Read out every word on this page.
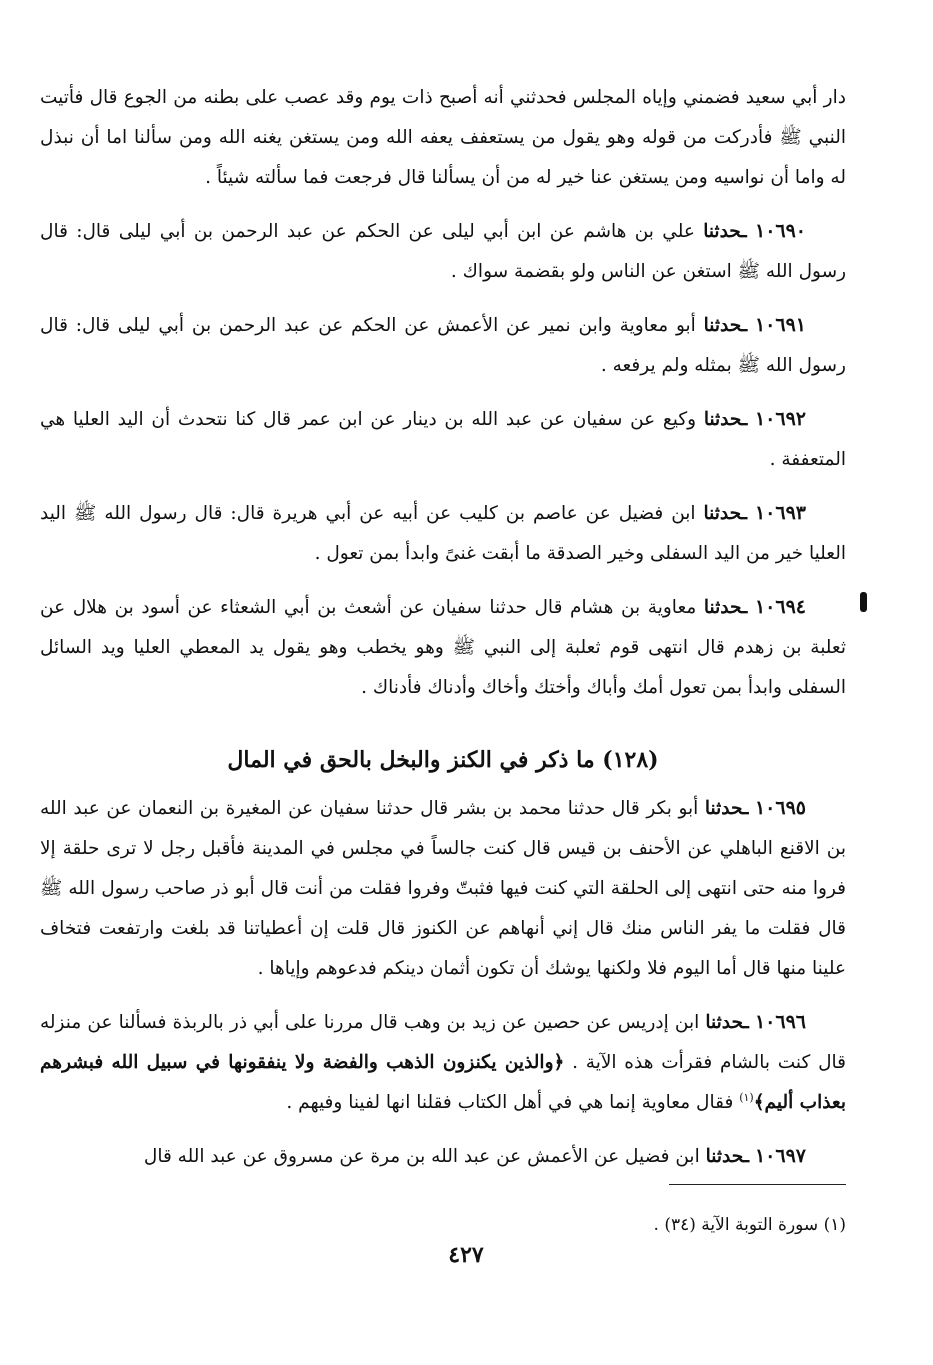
دار أبي سعيد فضمني وإياه المجلس فحدثني أنه أصبح ذات يوم وقد عصب على بطنه من الجوع قال فأتيت النبي ﷺ فأدركت من قوله وهو يقول من يستعفف يعفه الله ومن يستغن يغنه الله ومن سألنا اما أن نبذل له واما أن نواسيه ومن يستغن عنا خير له من أن يسألنا قال فرجعت فما سألته شيئاً .

١٠٦٩٠ ـحدثنا علي بن هاشم عن ابن أبي ليلى عن الحكم عن عبد الرحمن بن أبي ليلى قال: قال رسول الله ﷺ استغن عن الناس ولو بقضمة سواك .

١٠٦٩١ ـحدثنا أبو معاوية وابن نمير عن الأعمش عن الحكم عن عبد الرحمن بن أبي ليلى قال: قال رسول الله ﷺ بمثله ولم يرفعه .

١٠٦٩٢ ـحدثنا وكيع عن سفيان عن عبد الله بن دينار عن ابن عمر قال كنا نتحدث أن اليد العليا هي المتعففة .

١٠٦٩٣ ـحدثنا ابن فضيل عن عاصم بن كليب عن أبيه عن أبي هريرة قال: قال رسول الله ﷺ اليد العليا خير من اليد السفلى وخير الصدقة ما أبقت غنىً وابدأ بمن تعول .

١٠٦٩٤ ـحدثنا معاوية بن هشام قال حدثنا سفيان عن أشعث بن أبي الشعثاء عن أسود بن هلال عن ثعلبة بن زهدم قال انتهى قوم ثعلبة إلى النبي ﷺ وهو يخطب وهو يقول يد المعطي العليا ويد السائل السفلى وابدأ بمن تعول أمك وأباك وأختك وأخاك وأدناك فأدناك .

(١٢٨) ما ذكر في الكنز والبخل بالحق في المال

١٠٦٩٥ ـحدثنا أبو بكر قال حدثنا محمد بن بشر قال حدثنا سفيان عن المغيرة بن النعمان عن عبد الله بن الاقنع الباهلي عن الأحنف بن قيس قال كنت جالساً في مجلس في المدينة فأقبل رجل لا ترى حلقة إلا فروا منه حتى انتهى إلى الحلقة التي كنت فيها فثبتّ وفروا فقلت من أنت قال أبو ذر صاحب رسول الله ﷺ قال فقلت ما يفر الناس منك قال إني أنهاهم عن الكنوز قال قلت إن أعطياتنا قد بلغت وارتفعت فتخاف علينا منها قال أما اليوم فلا ولكنها يوشك أن تكون أثمان دينكم فدعوهم وإياها .

١٠٦٩٦ ـحدثنا ابن إدريس عن حصين عن زيد بن وهب قال مررنا على أبي ذر بالربذة فسألنا عن منزله قال كنت بالشام فقرأت هذه الآية . ﴿والذين يكنزون الذهب والفضة ولا ينفقونها في سبيل الله فبشرهم بعذاب أليم﴾$^{(١)}$ فقال معاوية إنما هي في أهل الكتاب فقلنا انها لفينا وفيهم .

١٠٦٩٧ ـحدثنا ابن فضيل عن الأعمش عن عبد الله بن مرة عن مسروق عن عبد الله قال

(١) سورة التوبة الآية (٣٤) .
٤٢٧
